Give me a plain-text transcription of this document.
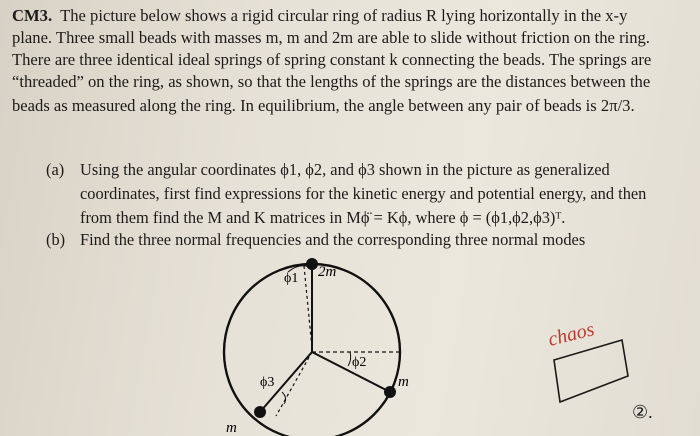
CM3. The picture below shows a rigid circular ring of radius R lying horizontally in the x-y
plane. Three small beads with masses m, m and 2m are able to slide without friction on the ring.
There are three identical ideal springs of spring constant k connecting the beads. The springs are
“threaded” on the ring, as shown, so that the lengths of the springs are the distances between the
beads as measured along the ring. In equilibrium, the angle between any pair of beads is 2π/3.
(a) Using the angular coordinates ϕ1, ϕ2, and ϕ3 shown in the picture as generalized
coordinates, first find expressions for the kinetic energy and potential energy, and then
from them find the M and K matrices in Mϕ̈ = Kϕ, where ϕ = (ϕ1,ϕ2,ϕ3)ᵀ.
(b) Find the three normal frequencies and the corresponding three normal modes
ϕ1 2m
ϕ2
ϕ3	m
m
chaos
②.
